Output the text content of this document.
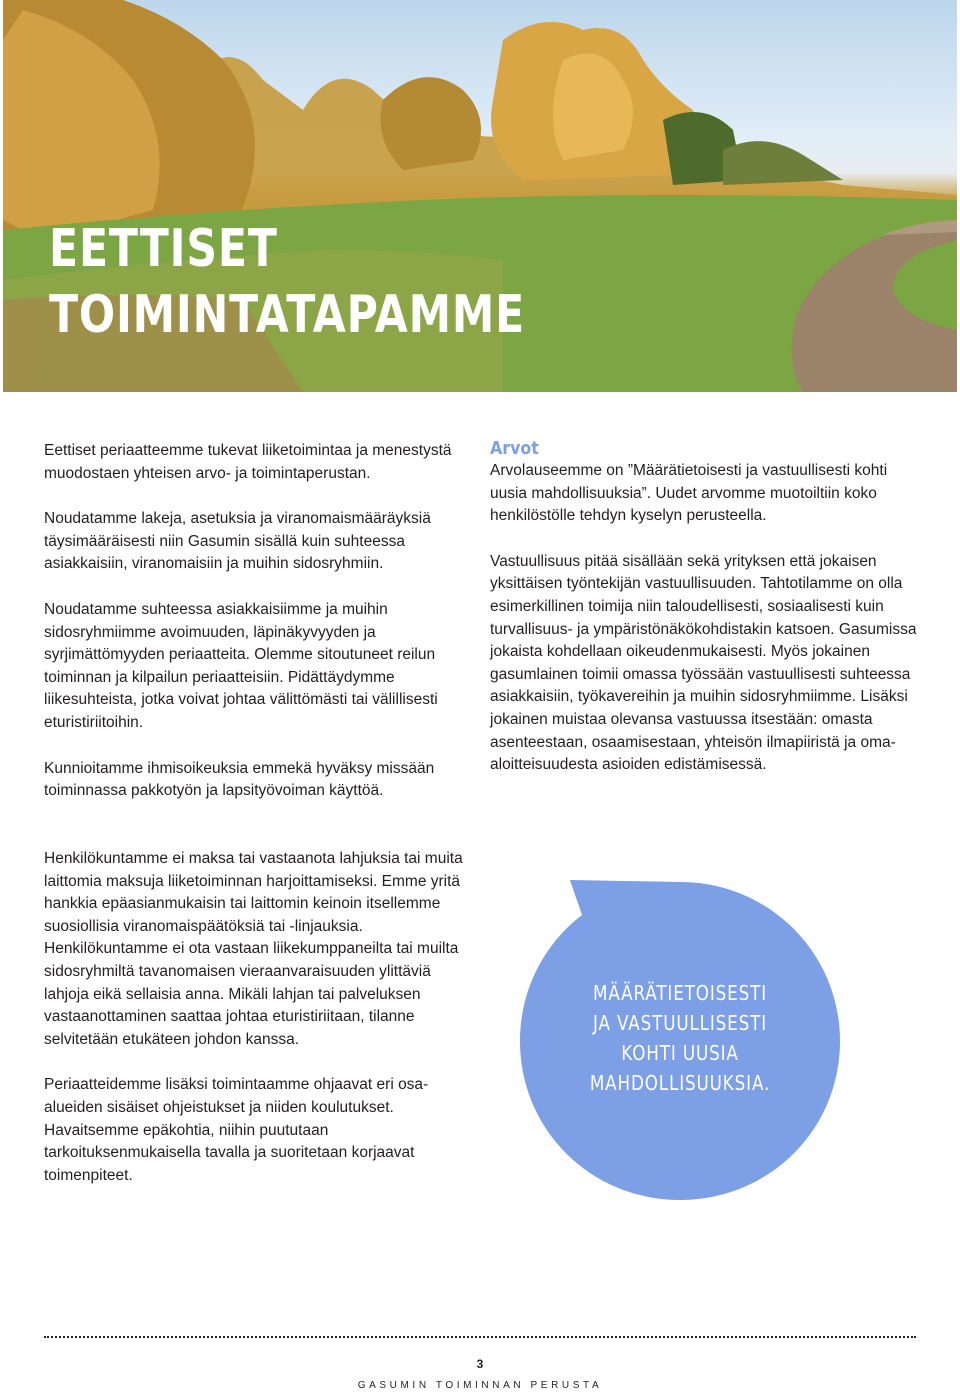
EETTISET
TOIMINTATAPAMME

Eettiset periaatteemme tukevat liiketoimintaa ja menestystä muodostaen yhteisen arvo- ja toimintaperustan.

Noudatamme lakeja, asetuksia ja viranomaismääräyksiä täysimääräisesti niin Gasumin sisällä kuin suhteessa asiakkaisiin, viranomaisiin ja muihin sidosryhmiin.

Noudatamme suhteessa asiakkaisiimme ja muihin sidosryhmiimme avoimuuden, läpinäkyvyyden ja syrjimättömyyden periaatteita. Olemme sitoutuneet reilun toiminnan ja kilpailun periaatteisiin. Pidättäydymme liikesuhteista, jotka voivat johtaa välittömästi tai välillisesti eturistiriitoihin.

Kunnioitamme ihmisoikeuksia emmekä hyväksy missään toiminnassa pakkotyön ja lapsityövoiman käyttöä.

Henkilökuntamme ei maksa tai vastaanota lahjuksia tai muita laittomia maksuja liiketoiminnan harjoittamiseksi. Emme yritä hankkia epäasianmukaisin tai laittomin keinoin itsellemme suosiollisia viranomaispäätöksiä tai -linjauksia. Henkilökuntamme ei ota vastaan liikekumppaneilta tai muilta sidosryhmiltä tavanomaisen vieraanvaraisuuden ylittäviä lahjoja eikä sellaisia anna. Mikäli lahjan tai palveluksen vastaanottaminen saattaa johtaa eturistiriitaan, tilanne selvitetään etukäteen johdon kanssa.

Periaatteidemme lisäksi toimintaamme ohjaavat eri osa-alueiden sisäiset ohjeistukset ja niiden koulutukset. Havaitsemme epäkohtia, niihin puututaan tarkoituksenmukaisella tavalla ja suoritetaan korjaavat toimenpiteet.

Arvot

Arvolauseemme on ”Määrätietoisesti ja vastuullisesti kohti uusia mahdollisuuksia”. Uudet arvomme muotoiltiin koko henkilöstölle tehdyn kyselyn perusteella.

Vastuullisuus pitää sisällään sekä yrityksen että jokaisen yksittäisen työntekijän vastuullisuuden. Tahtotilamme on olla esimerkillinen toimija niin taloudellisesti, sosiaalisesti kuin turvallisuus- ja ympäristönäkökohdistakin katsoen. Gasumissa jokaista kohdellaan oikeudenmukaisesti. Myös jokainen gasumlainen toimii omassa työssään vastuullisesti suhteessa asiakkaisiin, työkavereihin ja muihin sidosryhmiimme. Lisäksi jokainen muistaa olevansa vastuussa itsestään: omasta asenteestaan, osaamisestaan, yhteisön ilmapiiristä ja oma-aloitteisuudesta asioiden edistämisessä.

MÄÄRÄTIETOISESTI
JA VASTUULLISESTI
KOHTI UUSIA
MAHDOLLISUUKSIA.
3
GASUMIN TOIMINNAN PERUSTA
